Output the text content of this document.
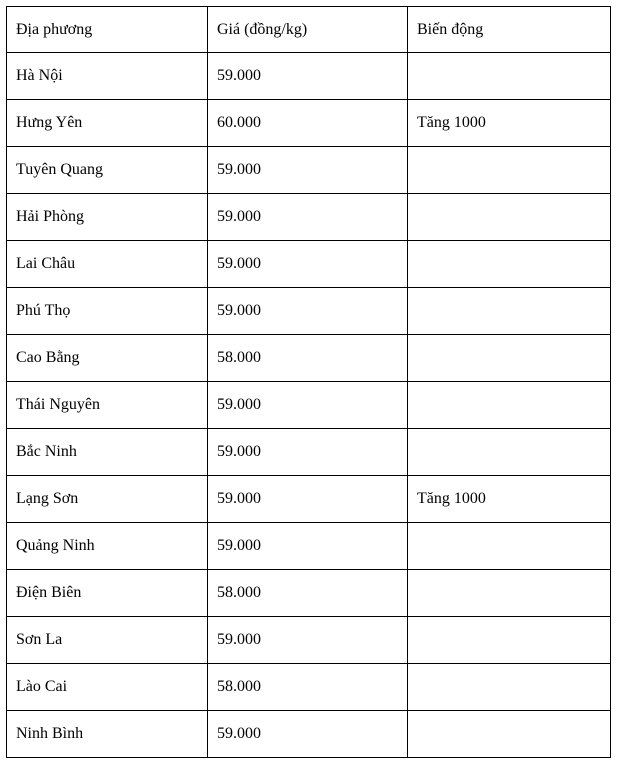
Địa phương	Giá (đồng/kg)	Biến động
Hà Nội	59.000	
Hưng Yên	60.000	Tăng 1000
Tuyên Quang	59.000	
Hải Phòng	59.000	
Lai Châu	59.000	
Phú Thọ	59.000	
Cao Bằng	58.000	
Thái Nguyên	59.000	
Bắc Ninh	59.000	
Lạng Sơn	59.000	Tăng 1000
Quảng Ninh	59.000	
Điện Biên	58.000	
Sơn La	59.000	
Lào Cai	58.000	
Ninh Bình	59.000	
